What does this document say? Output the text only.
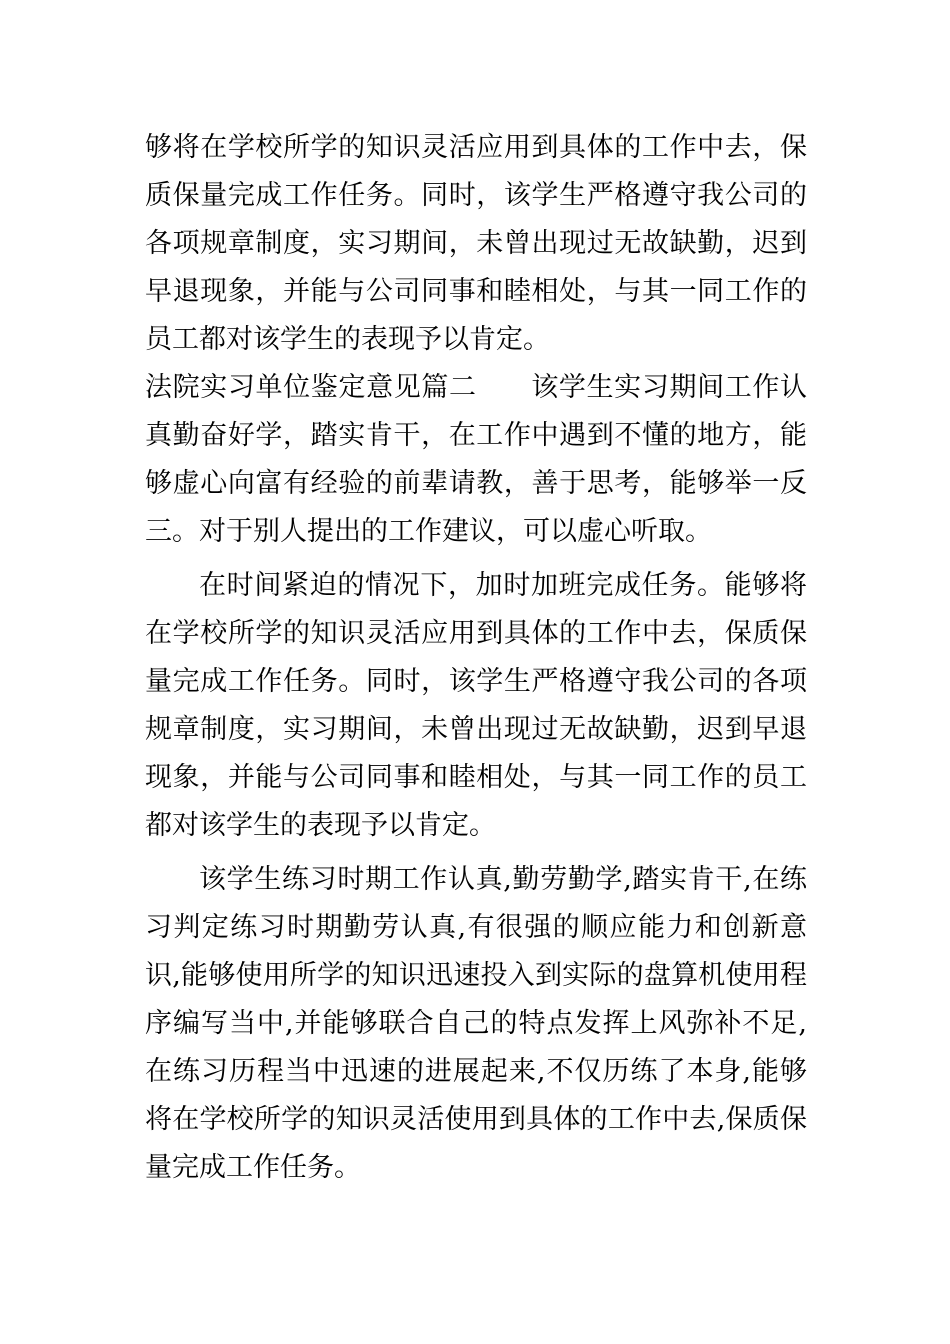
够将在学校所学的知识灵活应用到具体的工作中去，保质保量完成工作任务。同时，该学生严格遵守我公司的各项规章制度，实习期间，未曾出现过无故缺勤，迟到早退现象，并能与公司同事和睦相处，与其一同工作的员工都对该学生的表现予以肯定。

法院实习单位鉴定意见篇二 该学生实习期间工作认真勤奋好学，踏实肯干，在工作中遇到不懂的地方，能够虚心向富有经验的前辈请教，善于思考，能够举一反三。对于别人提出的工作建议，可以虚心听取。

在时间紧迫的情况下，加时加班完成任务。能够将在学校所学的知识灵活应用到具体的工作中去，保质保量完成工作任务。同时，该学生严格遵守我公司的各项规章制度，实习期间，未曾出现过无故缺勤，迟到早退现象，并能与公司同事和睦相处，与其一同工作的员工都对该学生的表现予以肯定。

该学生练习时期工作认真,勤劳勤学,踏实肯干,在练习判定练习时期勤劳认真,有很强的顺应能力和创新意识,能够使用所学的知识迅速投入到实际的盘算机使用程序编写当中,并能够联合自己的特点发挥上风弥补不足,在练习历程当中迅速的进展起来,不仅历练了本身,能够将在学校所学的知识灵活使用到具体的工作中去,保质保量完成工作任务。
